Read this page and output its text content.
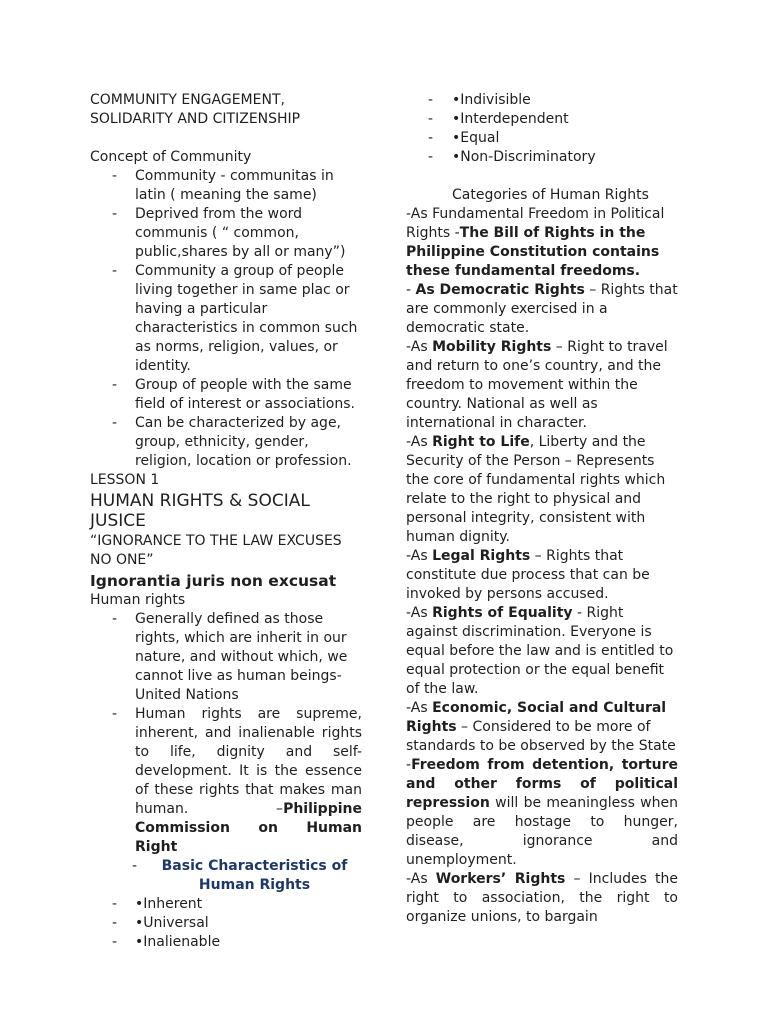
COMMUNITY ENGAGEMENT,

SOLIDARITY AND CITIZENSHIP

Concept of Community

- Community - communitas in latin ( meaning the same)
- Deprived from the word communis ( “ common, public,shares by all or many”)
- Community a group of people living together in same plac or having a particular characteristics in common such as norms, religion, values, or identity.
- Group of people with the same field of interest or associations.
- Can be characterized by age, group, ethnicity, gender, religion, location or profession.

LESSON 1

HUMAN RIGHTS & SOCIAL JUSICE

“IGNORANCE TO THE LAW EXCUSES NO ONE”

Ignorantia juris non excusat

Human rights

- Generally defined as those rights, which are inherit in our nature, and without which, we cannot live as human beings- United Nations
- Human rights are supreme, inherent, and inalienable rights to life, dignity and self-development. It is the essence of these rights that makes man human. –Philippine Commission on Human Right
-	Basic Characteristics of Human Rights

- •Inherent
- •Universal
- •Inalienable
- •Indivisible
- •Interdependent
- •Equal
- •Non-Discriminatory

Categories of Human Rights

-As Fundamental Freedom in Political Rights -The Bill of Rights in the Philippine Constitution contains these fundamental freedoms.

- As Democratic Rights – Rights that are commonly exercised in a democratic state.

-As Mobility Rights – Right to travel and return to one’s country, and the freedom to movement within the country. National as well as international in character.

-As Right to Life, Liberty and the Security of the Person – Represents the core of fundamental rights which relate to the right to physical and personal integrity, consistent with human dignity.

-As Legal Rights – Rights that constitute due process that can be invoked by persons accused.

-As Rights of Equality - Right against discrimination. Everyone is equal before the law and is entitled to equal protection or the equal benefit of the law.

-As Economic, Social and Cultural Rights – Considered to be more of standards to be observed by the State

-Freedom from detention, torture and other forms of political repression will be meaningless when people are hostage to hunger, disease, ignorance and unemployment.

-As Workers’ Rights – Includes the right to association, the right to organize unions, to bargain
